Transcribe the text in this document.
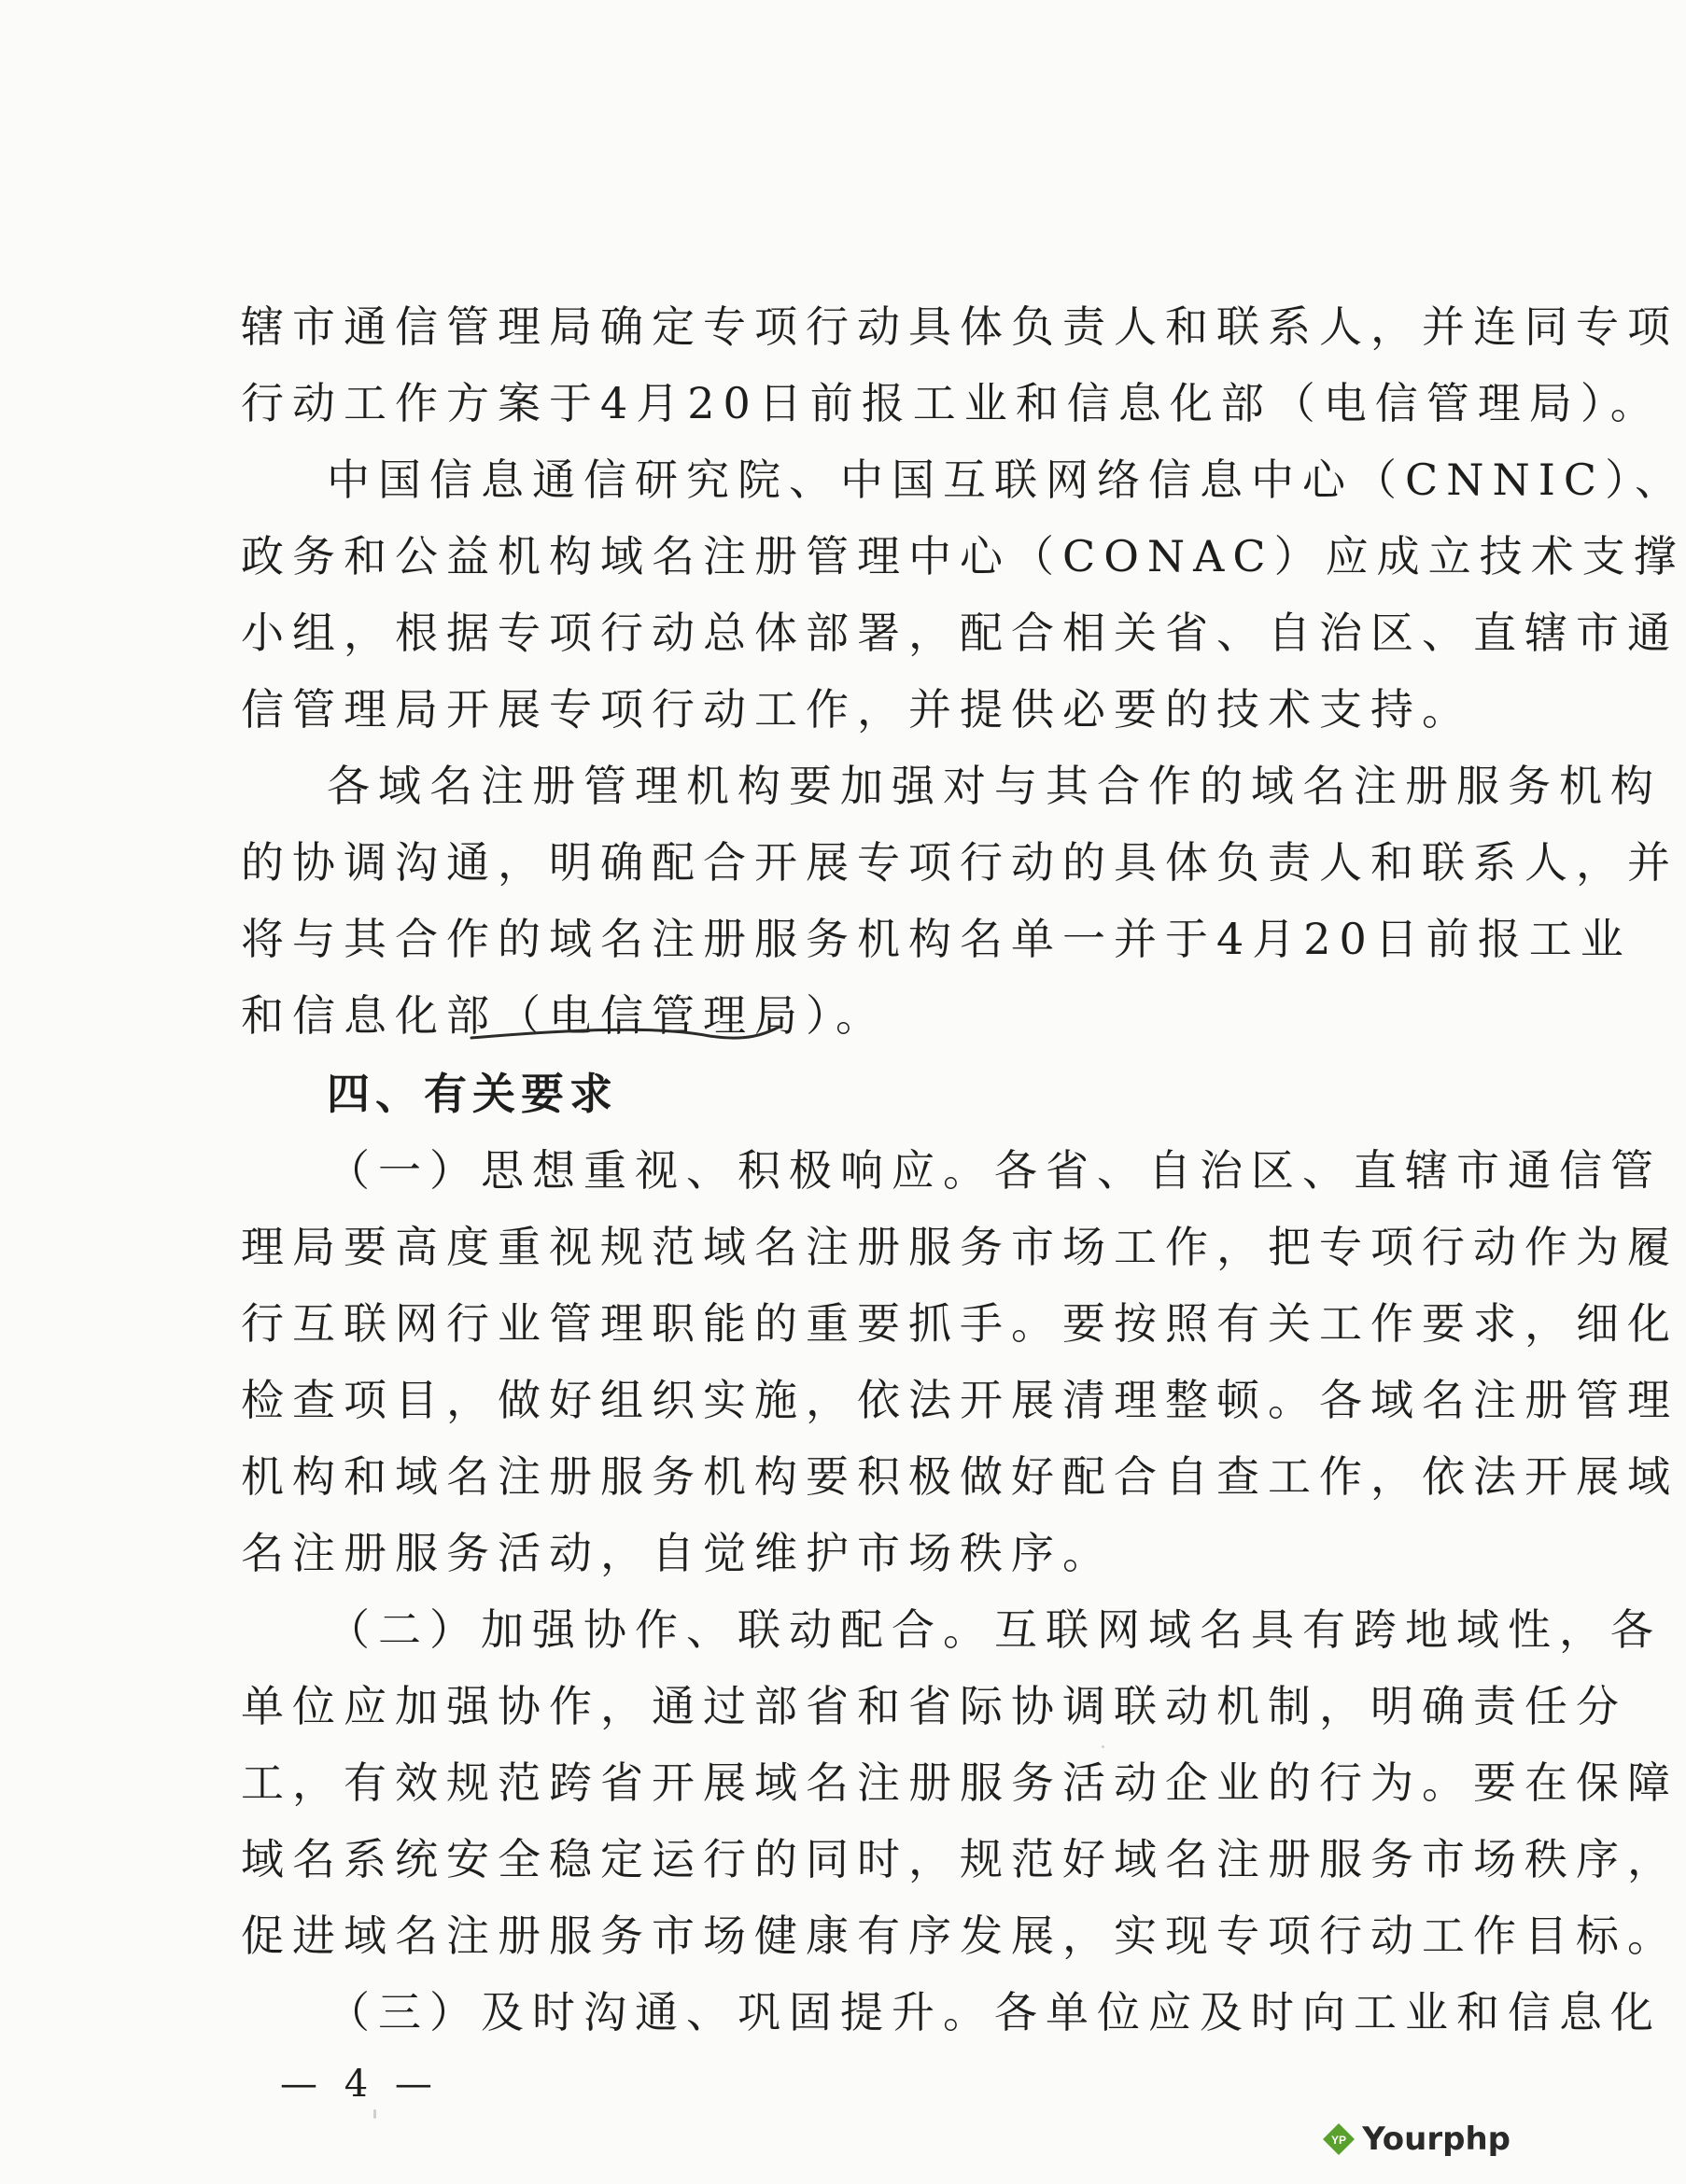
辖市通信管理局确定专项行动具体负责人和联系人，并连同专项
行动工作方案于4月20日前报工业和信息化部（电信管理局）。
中国信息通信研究院、中国互联网络信息中心（CNNIC）、
政务和公益机构域名注册管理中心（CONAC）应成立技术支撑
小组，根据专项行动总体部署，配合相关省、自治区、直辖市通
信管理局开展专项行动工作，并提供必要的技术支持。
各域名注册管理机构要加强对与其合作的域名注册服务机构
的协调沟通，明确配合开展专项行动的具体负责人和联系人，并
将与其合作的域名注册服务机构名单一并于4月20日前报工业
和信息化部（电信管理局）。
四、有关要求
（一）思想重视、积极响应。各省、自治区、直辖市通信管
理局要高度重视规范域名注册服务市场工作，把专项行动作为履
行互联网行业管理职能的重要抓手。要按照有关工作要求，细化
检查项目，做好组织实施，依法开展清理整顿。各域名注册管理
机构和域名注册服务机构要积极做好配合自查工作，依法开展域
名注册服务活动，自觉维护市场秩序。
（二）加强协作、联动配合。互联网域名具有跨地域性，各
单位应加强协作，通过部省和省际协调联动机制，明确责任分
工，有效规范跨省开展域名注册服务活动企业的行为。要在保障
域名系统安全稳定运行的同时，规范好域名注册服务市场秩序，
促进域名注册服务市场健康有序发展，实现专项行动工作目标。
— 4 —
YP Yourphp
（三）及时沟通、巩固提升。各单位应及时向工业和信息化
